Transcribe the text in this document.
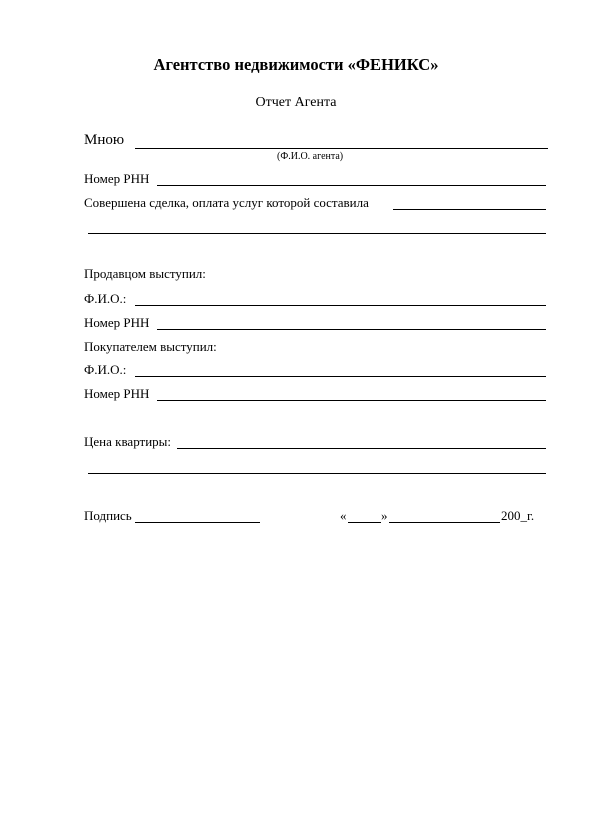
Агентство недвижимости «ФЕНИКС»
Отчет Агента
Мною
(Ф.И.О. агента)
Номер РНН
Совершена сделка, оплата услуг которой составила
Продавцом выступил:
Ф.И.О.:
Номер РНН
Покупателем выступил:
Ф.И.О.:
Номер РНН
Цена квартиры:
Подпись	«	»	200_г.
